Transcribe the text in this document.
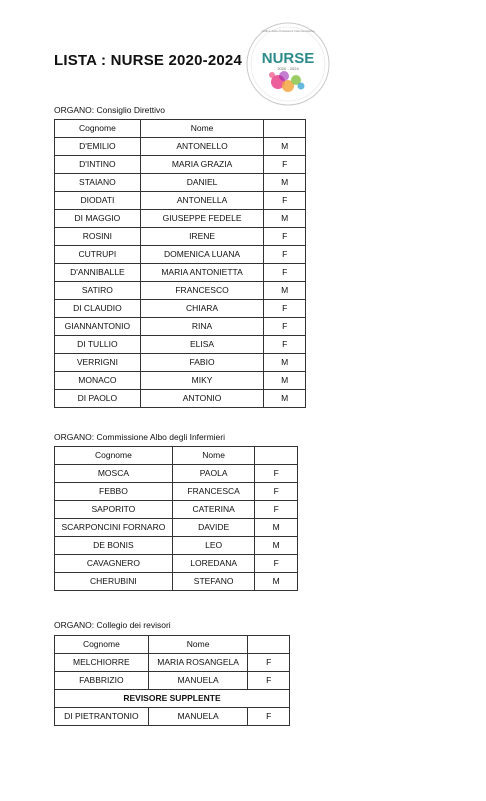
LISTA : NURSE 2020-2024 NURSE
2020 - 2024
Ordine delle Professioni Infermieristiche
ORGANO: Consiglio Direttivo
Cognome	Nome	
D'EMILIO	ANTONELLO	M
D'INTINO	MARIA GRAZIA	F
STAIANO	DANIEL	M
DIODATI	ANTONELLA	F
DI MAGGIO	GIUSEPPE FEDELE	M
ROSINI	IRENE	F
CUTRUPI	DOMENICA LUANA	F
D'ANNIBALLE	MARIA ANTONIETTA	F
SATIRO	FRANCESCO	M
DI CLAUDIO	CHIARA	F
GIANNANTONIO	RINA	F
DI TULLIO	ELISA	F
VERRIGNI	FABIO	M
MONACO	MIKY	M
DI PAOLO	ANTONIO	M
ORGANO: Commissione Albo degli Infermieri
Cognome	Nome	
MOSCA	PAOLA	F
FEBBO	FRANCESCA	F
SAPORITO	CATERINA	F
SCARPONCINI FORNARO	DAVIDE	M
DE BONIS	LEO	M
CAVAGNERO	LOREDANA	F
CHERUBINI	STEFANO	M
ORGANO: Collegio dei revisori
Cognome	Nome	
MELCHIORRE	MARIA ROSANGELA	F
FABBRIZIO	MANUELA	F
REVISORE SUPPLENTE		
DI PIETRANTONIO	MANUELA	F
